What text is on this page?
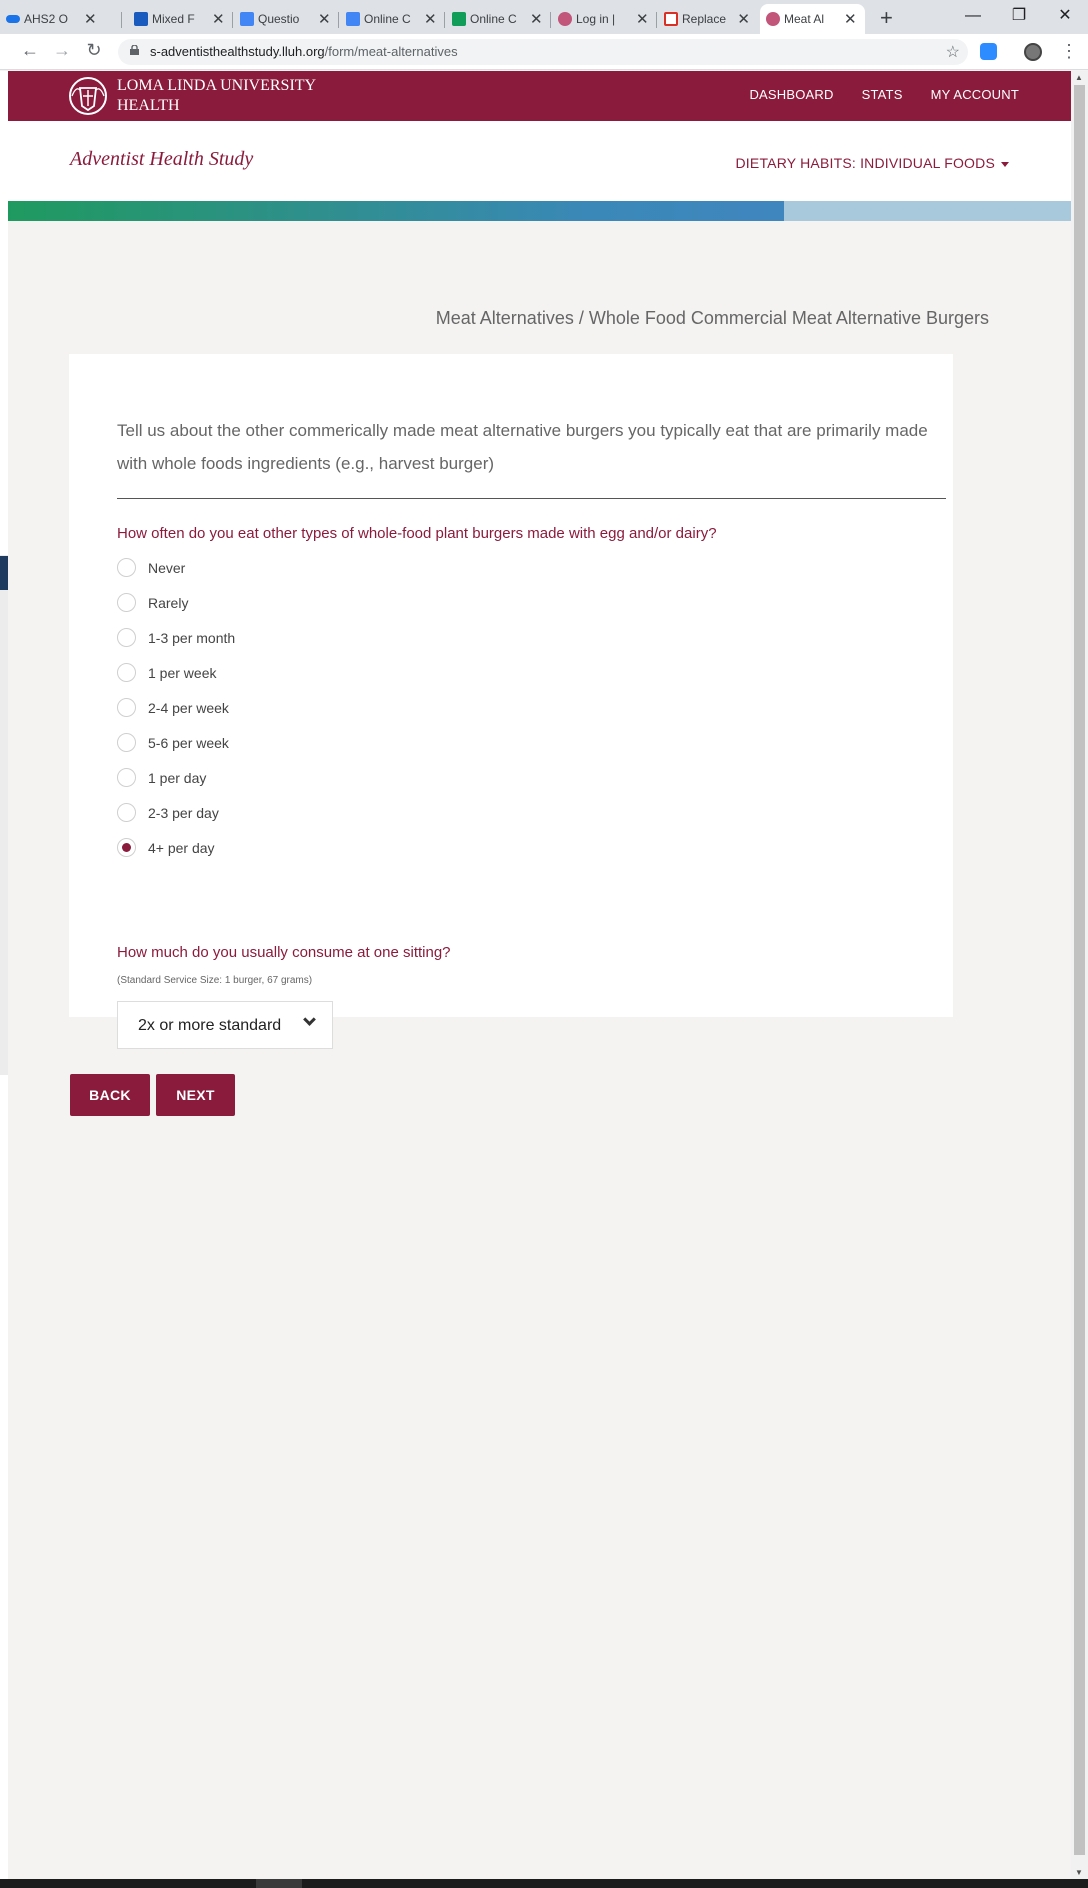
AHS2 O	✕	Mixed F	✕	Questio	✕	Online C ✕	Online C ✕	Log in |	✕	Replace ✕	Meat Al	✕ +	—	❐	✕
← → ↻	s-adventisthealthstudy.lluh.org/form/meat-alternatives	☆	⋮
LOMA LINDA UNIVERSITY
HEALTH
DASHBOARD STATS MY ACCOUNT
Adventist Health Study	DIETARY HABITS: INDIVIDUAL FOODS
Meat Alternatives / Whole Food Commercial Meat Alternative Burgers
Tell us about the other commerically made meat alternative burgers you typically eat that are primarily made with whole foods ingredients (e.g., harvest burger)
How often do you eat other types of whole-food plant burgers made with egg and/or dairy?
Never
Rarely
1-3 per month
1 per week
2-4 per week
5-6 per week
1 per day
2-3 per day
4+ per day
How much do you usually consume at one sitting?
(Standard Service Size: 1 burger, 67 grams)
2x or more standard
BACK	NEXT
▲
▼
